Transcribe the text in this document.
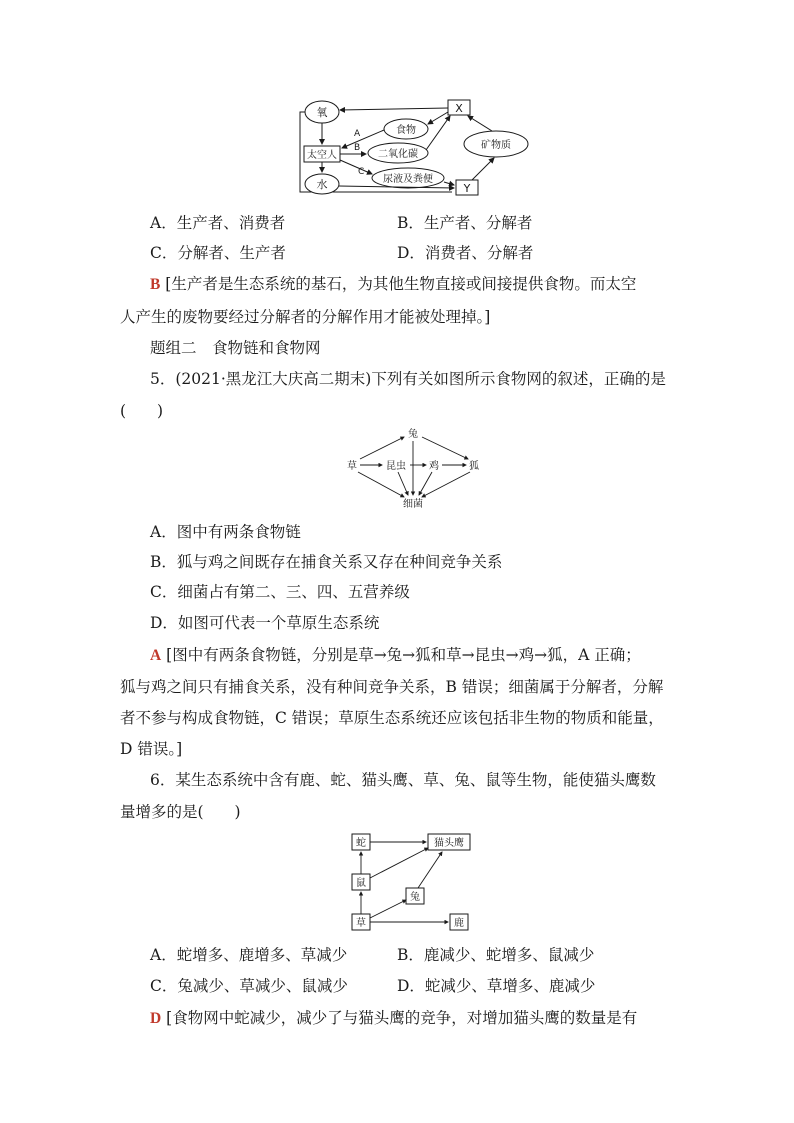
氧	X
食物
太空人
A
二氧化碳
B	矿物质
水	尿液及粪便
C
Y
A．生产者、消费者	B．生产者、分解者
C．分解者、生产者	D．消费者、分解者
B [生产者是生态系统的基石，为其他生物直接或间接提供食物。而太空
人产生的废物要经过分解者的分解作用才能被处理掉。]
题组二　食物链和食物网
5．(2021·黑龙江大庆高二期末)下列有关如图所示食物网的叙述，正确的是
(　　)
兔
草	昆虫 鸡	狐
细菌
A．图中有两条食物链
B．狐与鸡之间既存在捕食关系又存在种间竞争关系
C．细菌占有第二、三、四、五营养级
D．如图可代表一个草原生态系统
A [图中有两条食物链，分别是草→兔→狐和草→昆虫→鸡→狐，A 正确；
狐与鸡之间只有捕食关系，没有种间竞争关系，B 错误；细菌属于分解者，分解
者不参与构成食物链，C 错误；草原生态系统还应该包括非生物的物质和能量，
D 错误。]
6．某生态系统中含有鹿、蛇、猫头鹰、草、兔、鼠等生物，能使猫头鹰数
量增多的是(　　)
蛇	猫头鹰
鼠
兔
草	鹿
A．蛇增多、鹿增多、草减少	B．鹿减少、蛇增多、鼠减少
C．兔减少、草减少、鼠减少	D．蛇减少、草增多、鹿减少
D [食物网中蛇减少，减少了与猫头鹰的竞争，对增加猫头鹰的数量是有
